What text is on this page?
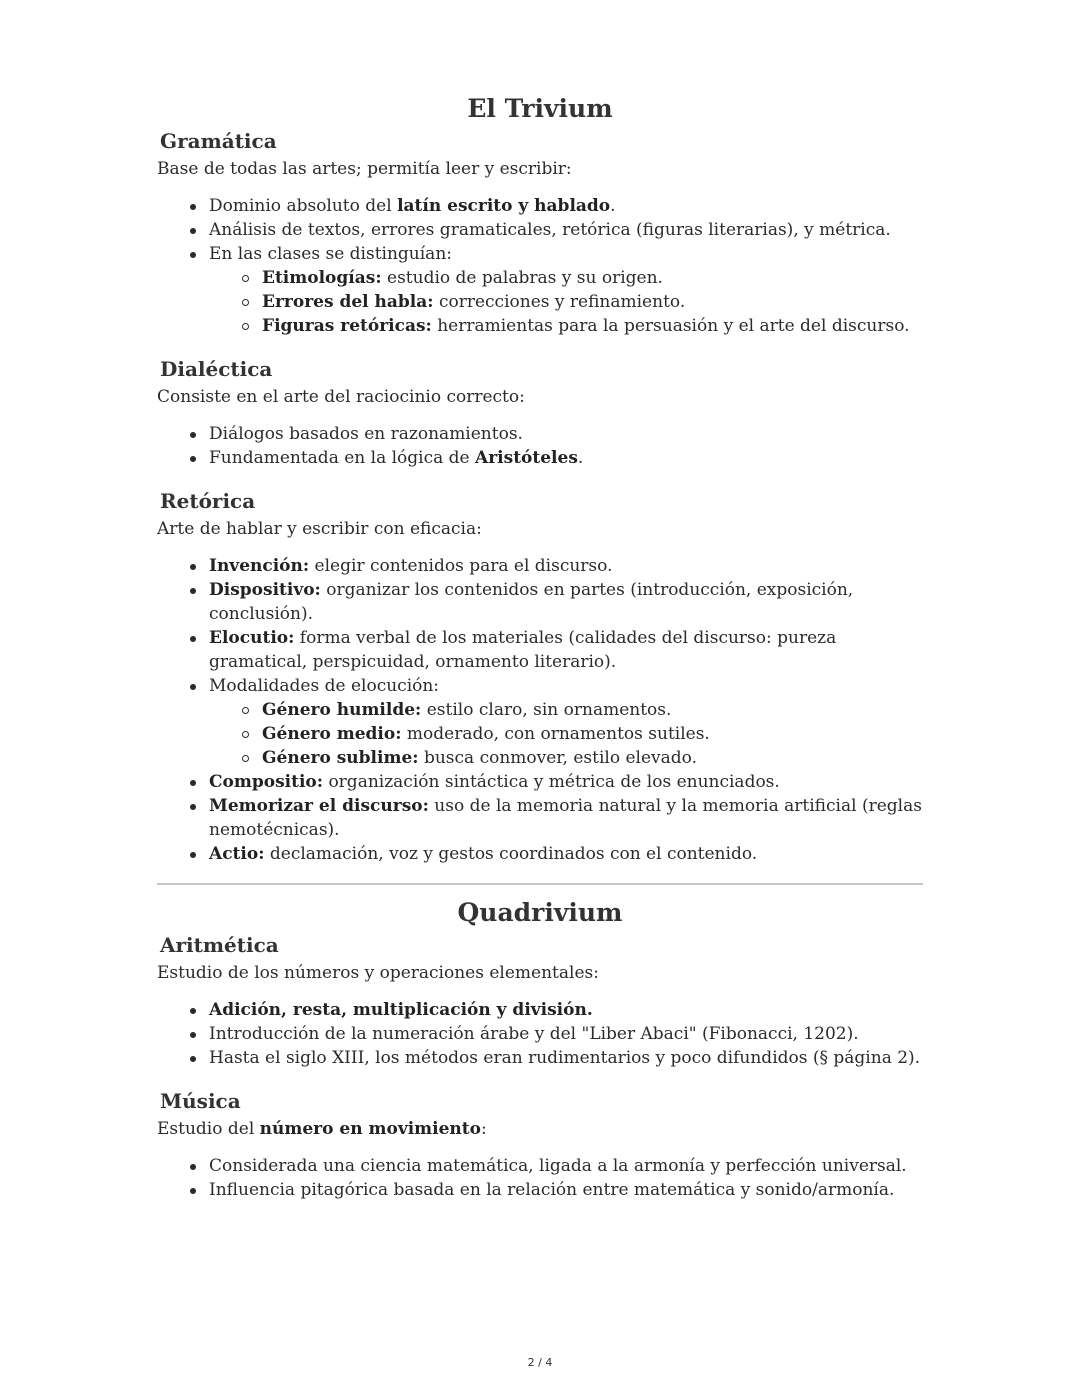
El Trivium
Gramática

Base de todas las artes; permitía leer y escribir:

Dominio absoluto del latín escrito y hablado.
Análisis de textos, errores gramaticales, retórica (figuras literarias), y métrica.
En las clases se distinguían:
Etimologías: estudio de palabras y su origen.
Errores del habla: correcciones y refinamiento.
Figuras retóricas: herramientas para la persuasión y el arte del discurso.
Dialéctica

Consiste en el arte del raciocinio correcto:

Diálogos basados en razonamientos.
Fundamentada en la lógica de Aristóteles.
Retórica

Arte de hablar y escribir con eficacia:

Invención: elegir contenidos para el discurso.
Dispositivo: organizar los contenidos en partes (introducción, exposición, conclusión).
Elocutio: forma verbal de los materiales (calidades del discurso: pureza gramatical, perspicuidad, ornamento literario).
Modalidades de elocución:
Género humilde: estilo claro, sin ornamentos.
Género medio: moderado, con ornamentos sutiles.
Género sublime: busca conmover, estilo elevado.
Compositio: organización sintáctica y métrica de los enunciados.
Memorizar el discurso: uso de la memoria natural y la memoria artificial (reglas nemotécnicas).
Actio: declamación, voz y gestos coordinados con el contenido.
Quadrivium
Aritmética

Estudio de los números y operaciones elementales:

Adición, resta, multiplicación y división.
Introducción de la numeración árabe y del "Liber Abaci" (Fibonacci, 1202).
Hasta el siglo XIII, los métodos eran rudimentarios y poco difundidos (§ página 2).
Música

Estudio del número en movimiento:

Considerada una ciencia matemática, ligada a la armonía y perfección universal.
Influencia pitagórica basada en la relación entre matemática y sonido/armonía.
2 / 4
